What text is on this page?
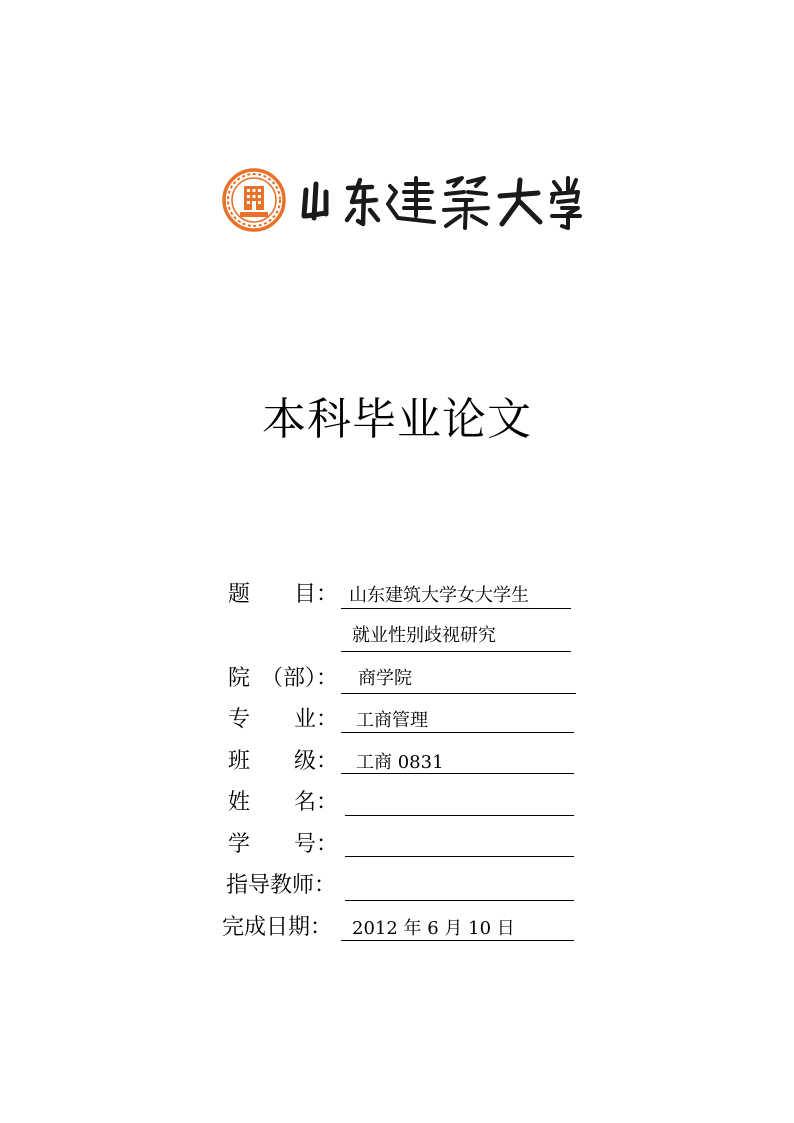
本科毕业论文
题　　目： 山东建筑大学女大学生
就业性别歧视研究
院　（部）： 商学院
专　　业： 工商管理
班　　级： 工商 0831
姓　　名：
学　　号：
指导教师：
完成日期： 2012 年 6 月 10 日
